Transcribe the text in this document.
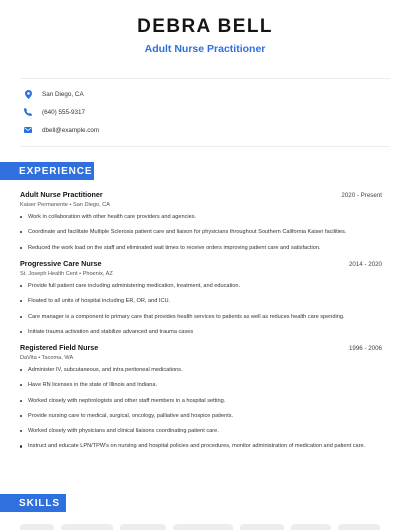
DEBRA BELL
Adult Nurse Practitioner
San Diego, CA
(640) 555-9317
dbell@example.com
EXPERIENCE
Adult Nurse Practitioner	2020 - Present
Kaiser Permanente • San Diego, CA
Work in collaboration with other health care providers and agencies.
Coordinate and facilitate Multiple Sclerosis patient care and liaison for physicians throughout Southern California Kaiser facilities.
Reduced the work load on the staff and eliminated wait times to receive orders improving patient care and satisfaction.
Progressive Care Nurse	2014 - 2020
St. Joseph Health Cent • Phoenix, AZ
Provide full patient care including administering medication, treatment, and education.
Floated to all units of hospital including ER, OR, and ICU.
Care manager is a component to primary care that provides health services to patients as well as reduces health care spending.
Initiate trauma activation and stabilize advanced and trauma cases
Registered Field Nurse	1996 - 2006
DaVita • Tacoma, WA
Administer IV, subcutaneous, and intra peritoneal medications.
Have RN licenses in the state of Illinois and Indiana.
Worked closely with nephrologists and other staff members in a hospital setting.
Provide nursing care to medical, surgical, oncology, palliative and hospice patients.
Worked closely with physicians and clinical liaisons coordinating patient care.
Instruct and educate LPN/TPW's on nursing and hospital policies and procedures, monitor administration of medication and patient care.
SKILLS
